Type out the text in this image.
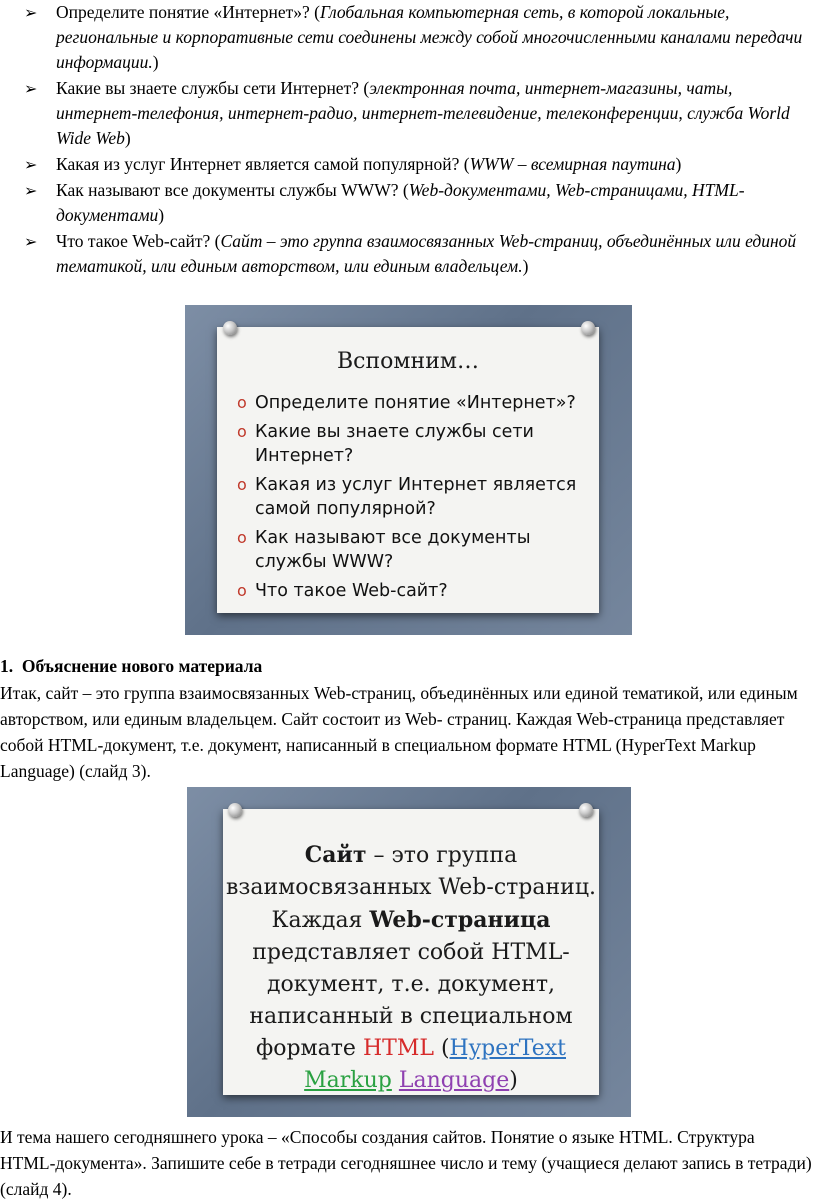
➢ Определите понятие «Интернет»? (Глобальная компьютерная сеть, в которой локальные, региональные и корпоративные сети соединены между собой многочисленными каналами передачи информации.)
➢ Какие вы знаете службы сети Интернет? (электронная почта, интернет-магазины, чаты, интернет-телефония, интернет-радио, интернет-телевидение, телеконференции, служба World Wide Web)
➢ Какая из услуг Интернет является самой популярной? (WWW – всемирная паутина)
➢ Как называют все документы службы WWW? (Web-документами, Web-страницами, HTML-документами)
➢ Что такое Web-сайт? (Сайт – это группа взаимосвязанных Web-страниц, объединённых или единой тематикой, или единым авторством, или единым владельцем.)
Вспомним…
o Определите понятие «Интернет»?
o Какие вы знаете службы сети Интернет?
o Какая из услуг Интернет является самой популярной?
o Как называют все документы службы WWW?
o Что такое Web-сайт?
1. Объяснение нового материала

Итак, сайт – это группа взаимосвязанных Web-страниц, объединённых или единой тематикой, или единым авторством, или единым владельцем. Сайт состоит из Web- страниц. Каждая Web-страница представляет собой HTML-документ, т.е. документ, написанный в специальном формате HTML (HyperText Markup Language) (слайд 3).

Сайт – это группа взаимосвязанных Web-страниц.
Каждая Web-страница представляет собой HTML-документ, т.е. документ, написанный в специальном формате HTML (HyperText Markup Language)

И тема нашего сегодняшнего урока – «Способы создания сайтов. Понятие о языке HTML. Структура HTML-документа». Запишите себе в тетради сегодняшнее число и тему (учащиеся делают запись в тетради) (слайд 4).
